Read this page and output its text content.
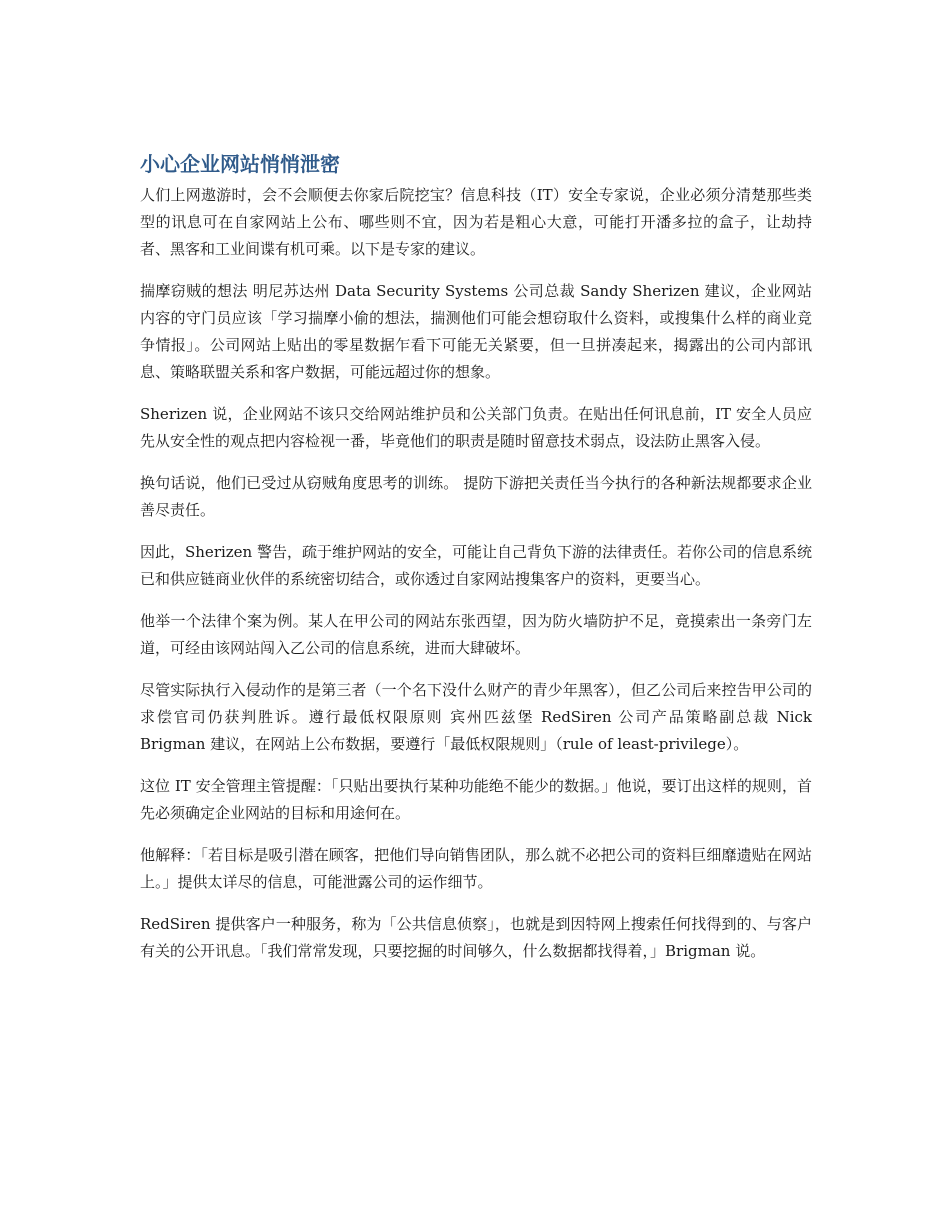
小心企业网站悄悄泄密

人们上网遨游时，会不会顺便去你家后院挖宝？信息科技（IT）安全专家说，企业必须分清楚那些类型的讯息可在自家网站上公布、哪些则不宜，因为若是粗心大意，可能打开潘多拉的盒子，让劫持者、黑客和工业间谍有机可乘。以下是专家的建议。

揣摩窃贼的想法 明尼苏达州 Data Security Systems 公司总裁 Sandy Sherizen 建议，企业网站内容的守门员应该「学习揣摩小偷的想法，揣测他们可能会想窃取什么资料，或搜集什么样的商业竞争情报」。公司网站上贴出的零星数据乍看下可能无关紧要，但一旦拼凑起来，揭露出的公司内部讯息、策略联盟关系和客户数据，可能远超过你的想象。

Sherizen 说，企业网站不该只交给网站维护员和公关部门负责。在贴出任何讯息前，IT 安全人员应先从安全性的观点把内容检视一番，毕竟他们的职责是随时留意技术弱点，设法防止黑客入侵。

换句话说，他们已受过从窃贼角度思考的训练。 提防下游把关责任当今执行的各种新法规都要求企业善尽责任。

因此，Sherizen 警告，疏于维护网站的安全，可能让自己背负下游的法律责任。若你公司的信息系统已和供应链商业伙伴的系统密切结合，或你透过自家网站搜集客户的资料，更要当心。

他举一个法律个案为例。某人在甲公司的网站东张西望，因为防火墙防护不足，竟摸索出一条旁门左道，可经由该网站闯入乙公司的信息系统，进而大肆破坏。

尽管实际执行入侵动作的是第三者（一个名下没什么财产的青少年黑客），但乙公司后来控告甲公司的求偿官司仍获判胜诉。遵行最低权限原则 宾州匹兹堡 RedSiren 公司产品策略副总裁 Nick Brigman 建议，在网站上公布数据，要遵行「最低权限规则」（rule of least-privilege）。

这位 IT 安全管理主管提醒：「只贴出要执行某种功能绝不能少的数据。」他说，要订出这样的规则，首先必须确定企业网站的目标和用途何在。

他解释：「若目标是吸引潜在顾客，把他们导向销售团队，那么就不必把公司的资料巨细靡遗贴在网站上。」提供太详尽的信息，可能泄露公司的运作细节。

RedSiren 提供客户一种服务，称为「公共信息侦察」，也就是到因特网上搜索任何找得到的、与客户有关的公开讯息。「我们常常发现，只要挖掘的时间够久，什么数据都找得着，」Brigman 说。
